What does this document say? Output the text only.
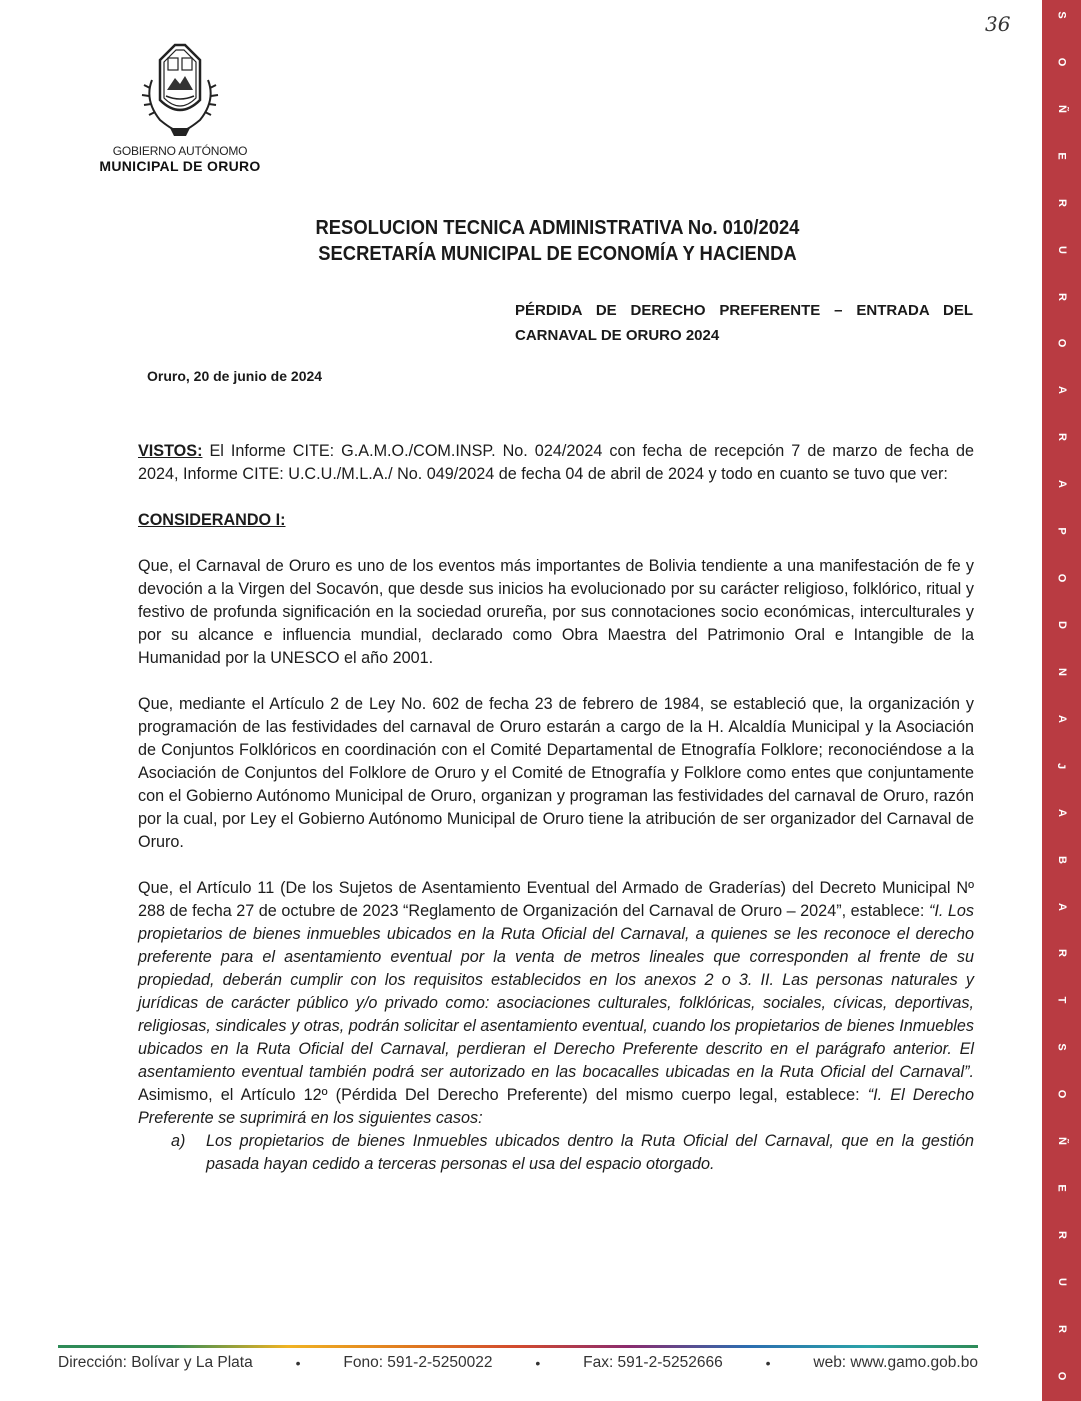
36
GOBIERNO AUTÓNOMO
MUNICIPAL DE ORURO

RESOLUCION TECNICA ADMINISTRATIVA No. 010/2024

SECRETARÍA MUNICIPAL DE ECONOMÍA Y HACIENDA

PÉRDIDA DE DERECHO PREFERENTE – ENTRADA DEL CARNAVAL DE ORURO 2024
Oruro, 20 de junio de 2024

VISTOS: El Informe CITE: G.A.M.O./COM.INSP. No. 024/2024 con fecha de recepción 7 de marzo de fecha de 2024, Informe CITE: U.C.U./M.L.A./ No. 049/2024 de fecha 04 de abril de 2024 y todo en cuanto se tuvo que ver:

CONSIDERANDO I:

Que, el Carnaval de Oruro es uno de los eventos más importantes de Bolivia tendiente a una manifestación de fe y devoción a la Virgen del Socavón, que desde sus inicios ha evolucionado por su carácter religioso, folklórico, ritual y festivo de profunda significación en la sociedad orureña, por sus connotaciones socio económicas, interculturales y por su alcance e influencia mundial, declarado como Obra Maestra del Patrimonio Oral e Intangible de la Humanidad por la UNESCO el año 2001.

Que, mediante el Artículo 2 de Ley No. 602 de fecha 23 de febrero de 1984, se estableció que, la organización y programación de las festividades del carnaval de Oruro estarán a cargo de la H. Alcaldía Municipal y la Asociación de Conjuntos Folklóricos en coordinación con el Comité Departamental de Etnografía Folklore; reconociéndose a la Asociación de Conjuntos del Folklore de Oruro y el Comité de Etnografía y Folklore como entes que conjuntamente con el Gobierno Autónomo Municipal de Oruro, organizan y programan las festividades del carnaval de Oruro, razón por la cual, por Ley el Gobierno Autónomo Municipal de Oruro tiene la atribución de ser organizador del Carnaval de Oruro.

Que, el Artículo 11 (De los Sujetos de Asentamiento Eventual del Armado de Graderías) del Decreto Municipal Nº 288 de fecha 27 de octubre de 2023 “Reglamento de Organización del Carnaval de Oruro – 2024”, establece: “I. Los propietarios de bienes inmuebles ubicados en la Ruta Oficial del Carnaval, a quienes se les reconoce el derecho preferente para el asentamiento eventual por la venta de metros lineales que corresponden al frente de su propiedad, deberán cumplir con los requisitos establecidos en los anexos 2 o 3. II. Las personas naturales y jurídicas de carácter público y/o privado como: asociaciones culturales, folklóricas, sociales, cívicas, deportivas, religiosas, sindicales y otras, podrán solicitar el asentamiento eventual, cuando los propietarios de bienes Inmuebles ubicados en la Ruta Oficial del Carnaval, perdieran el Derecho Preferente descrito en el parágrafo anterior. El asentamiento eventual también podrá ser autorizado en las bocacalles ubicadas en la Ruta Oficial del Carnaval”. Asimismo, el Artículo 12º (Pérdida Del Derecho Preferente) del mismo cuerpo legal, establece: “I. El Derecho Preferente se suprimirá en los siguientes casos:

a)	Los propietarios de bienes Inmuebles ubicados dentro la Ruta Oficial del Carnaval, que en la gestión pasada hayan cedido a terceras personas el usa del espacio otorgado.
Dirección: Bolívar y La Plata	•	Fono: 591-2-5250022	•	Fax: 591-2-5252666	•	web: www.gamo.gob.bo
S
O
Ñ
E
R
U
R
O
A
R
A
P
O
D
N
A
J
A
B
A
R
T
S
O
Ñ
E
R
U
R
O
